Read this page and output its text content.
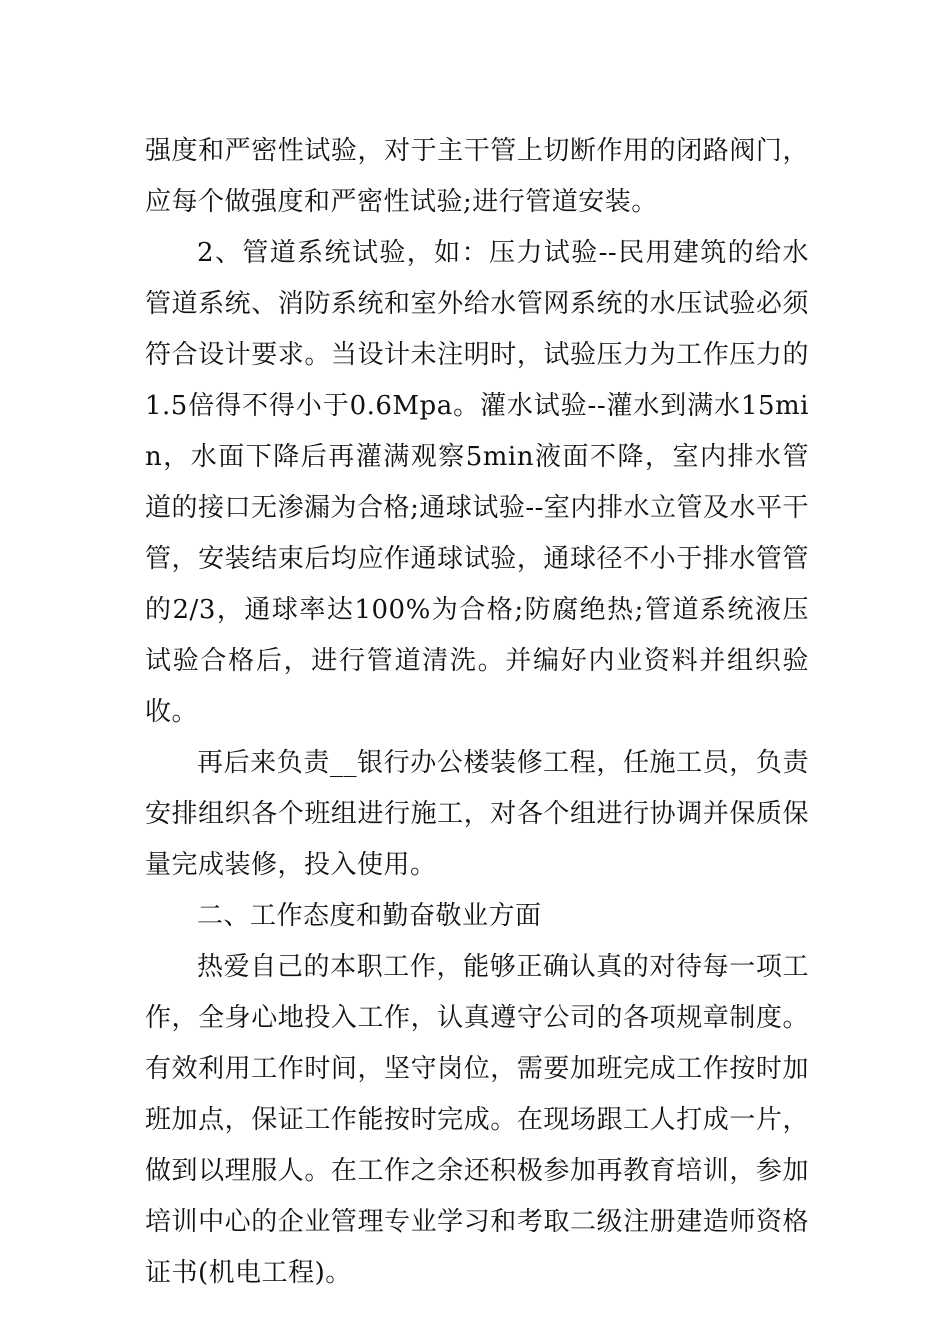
强度和严密性试验，对于主干管上切断作用的闭路阀门，应每个做强度和严密性试验;进行管道安装。

2、管道系统试验，如：压力试验--民用建筑的给水管道系统、消防系统和室外给水管网系统的水压试验必须符合设计要求。当设计未注明时，试验压力为工作压力的1.5倍得不得小于0.6Mpa。灌水试验--灌水到满水15min，水面下降后再灌满观察5min液面不降，室内排水管道的接口无渗漏为合格;通球试验--室内排水立管及水平干管，安装结束后均应作通球试验，通球径不小于排水管管的2/3，通球率达100%为合格;防腐绝热;管道系统液压试验合格后，进行管道清洗。并编好内业资料并组织验收。

再后来负责__银行办公楼装修工程，任施工员，负责安排组织各个班组进行施工，对各个组进行协调并保质保量完成装修，投入使用。

二、工作态度和勤奋敬业方面

热爱自己的本职工作，能够正确认真的对待每一项工作，全身心地投入工作，认真遵守公司的各项规章制度。有效利用工作时间，坚守岗位，需要加班完成工作按时加班加点，保证工作能按时完成。在现场跟工人打成一片，做到以理服人。在工作之余还积极参加再教育培训，参加培训中心的企业管理专业学习和考取二级注册建造师资格证书(机电工程)。
